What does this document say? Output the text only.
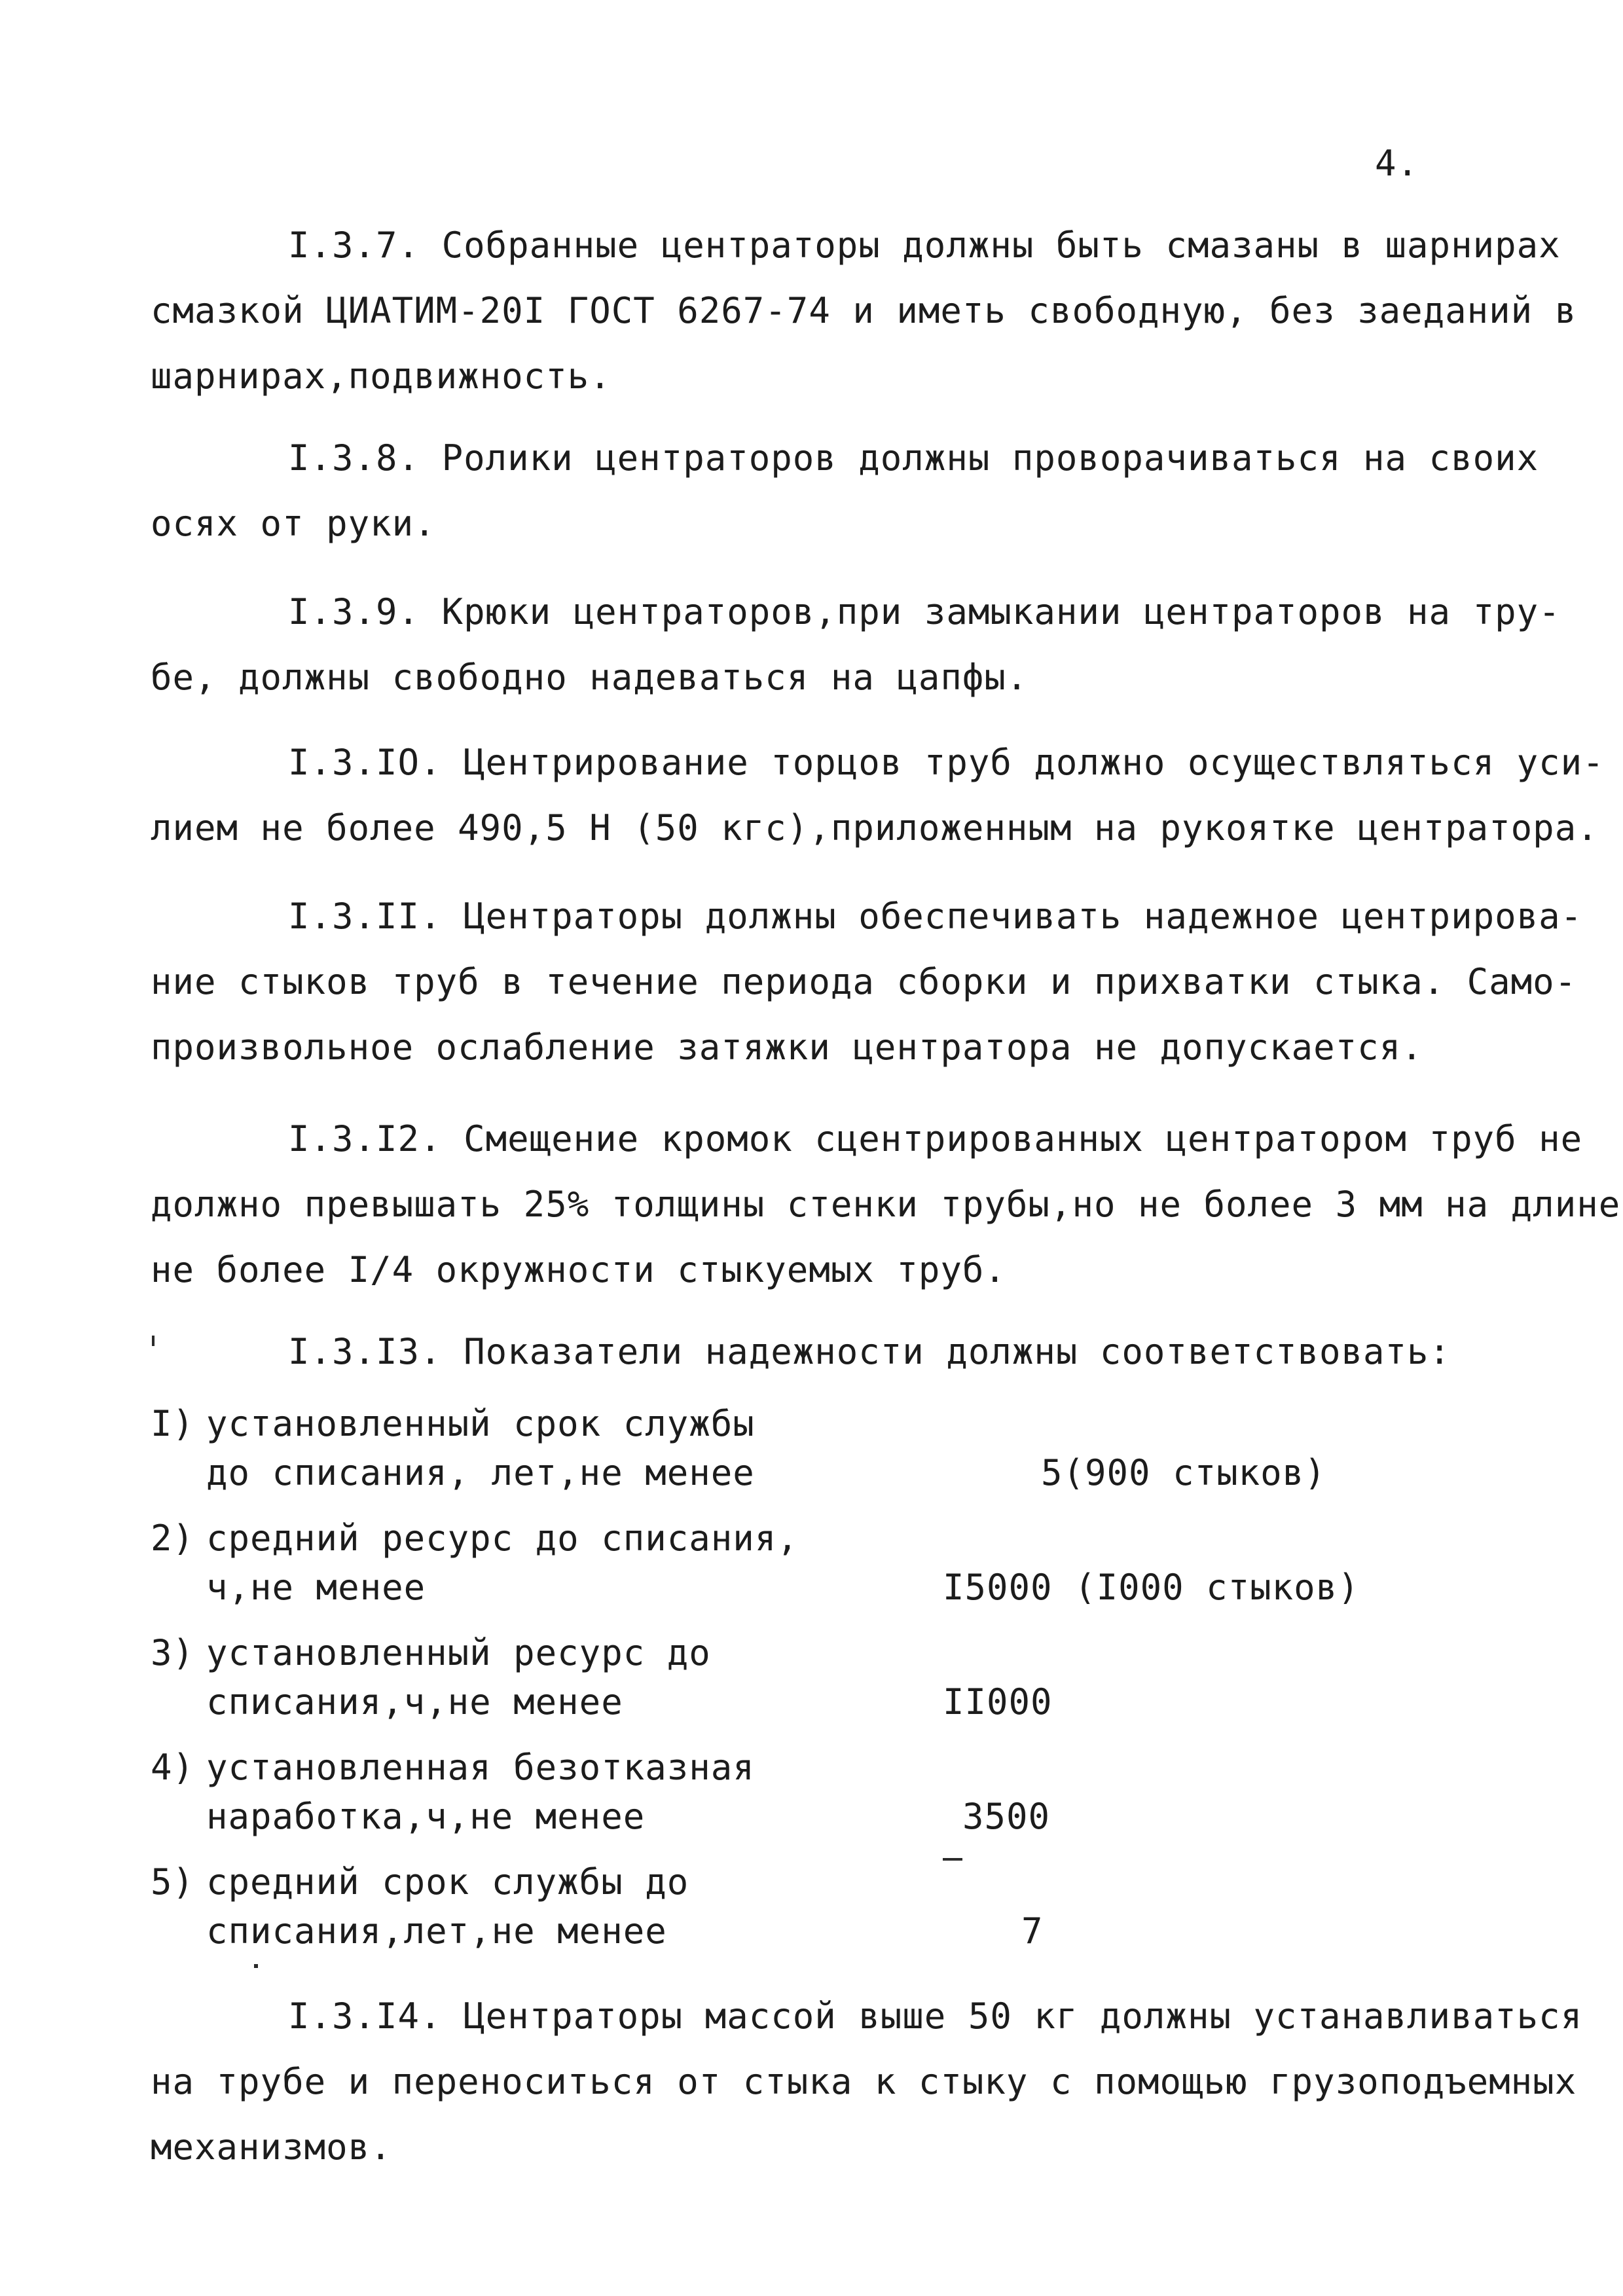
4.
I.3.7. Собранные центраторы должны быть смазаны в шарнирах
смазкой ЦИАТИМ-20I ГОСТ 6267-74 и иметь свободную, без заеданий в
шарнирах,подвижность.
I.3.8. Ролики центраторов должны проворачиваться на своих
осях от руки.
I.3.9. Крюки центраторов,при замыкании центраторов на тру-
бе, должны свободно надеваться на цапфы.
I.3.IO. Центрирование торцов труб должно осуществляться уси-
лием не более 490,5 Н (50 кгс),приложенным на рукоятке центратора.
I.3.II. Центраторы должны обеспечивать надежное центрирова-
ние стыков труб в течение периода сборки и прихватки стыка. Само-
произвольное ослабление затяжки центратора не допускается.
I.3.I2. Смещение кромок сцентрированных центратором труб не
должно превышать 25% толщины стенки трубы,но не более 3 мм на длине
не более I/4 окружности стыкуемых труб.
I.3.I3. Показатели надежности должны соответствовать:
I) установленный срок службы
до списания, лет,не менее	5(900 стыков)
2) средний ресурс до списания,
ч,не менее	I5000 (I000 стыков)
3) установленный ресурс до
списания,ч,не менее	II000
4) установленная безотказная
наработка,ч,не менее	3500
5) средний срок службы до
списания,лет,не менее	7
I.3.I4. Центраторы массой выше 50 кг должны устанавливаться
на трубе и переноситься от стыка к стыку с помощью грузоподъемных
механизмов.
